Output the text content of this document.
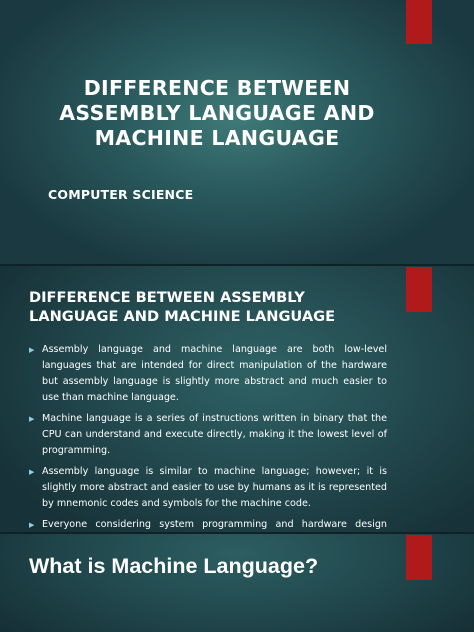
DIFFERENCE BETWEEN
ASSEMBLY LANGUAGE AND
MACHINE LANGUAGE
COMPUTER SCIENCE
DIFFERENCE BETWEEN ASSEMBLY
LANGUAGE AND MACHINE LANGUAGE
▶ Assembly language and machine language are both low-level languages that are intended for direct manipulation of the hardware but assembly language is slightly more abstract and much easier to use than machine language.
▶ Machine language is a series of instructions written in binary that the CPU can understand and execute directly, making it the lowest level of programming.
▶ Assembly language is similar to machine language; however; it is slightly more abstract and easier to use by humans as it is represented by mnemonic codes and symbols for the machine code.
▶ Everyone considering system programming and hardware design
What is Machine Language?
